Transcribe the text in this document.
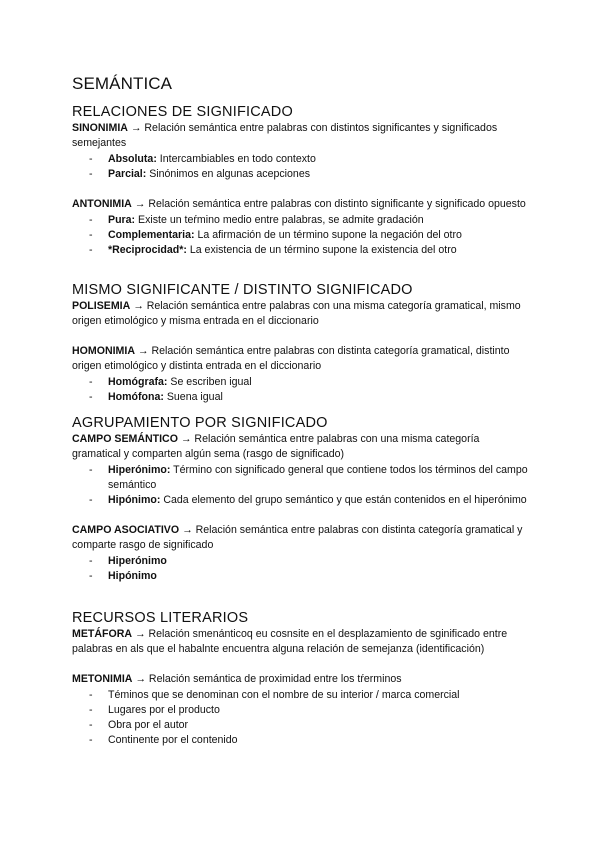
SEMÁNTICA
RELACIONES DE SIGNIFICADO

SINONIMIA → Relación semántica entre palabras con distintos significantes y significados semejantes

- Absoluta: Intercambiables en todo contexto
- Parcial: Sinónimos en algunas acepciones

ANTONIMIA → Relación semántica entre palabras con distinto significante y significado opuesto

- Pura: Existe un teŕmino medio entre palabras, se admite gradación
- Complementaria: La afirmación de un término supone la negación del otro
- *Reciprocidad*: La existencia de un término supone la existencia del otro
MISMO SIGNIFICANTE / DISTINTO SIGNIFICADO

POLISEMIA → Relación semántica entre palabras con una misma categoría gramatical, mismo origen etimológico y misma entrada en el diccionario

HOMONIMIA → Relación semántica entre palabras con distinta categoría gramatical, distinto origen etimológico y distinta entrada en el diccionario

- Homógrafa: Se escriben igual
- Homófona: Suena igual
AGRUPAMIENTO POR SIGNIFICADO

CAMPO SEMÁNTICO → Relación semántica entre palabras con una misma categoría gramatical y comparten algún sema (rasgo de significado)

- Hiperónimo: Término con significado general que contiene todos los términos del campo semántico
- Hipónimo: Cada elemento del grupo semántico y que están contenidos en el hiperónimo

CAMPO ASOCIATIVO → Relación semántica entre palabras con distinta categoría gramatical y comparte rasgo de significado

- Hiperónimo
- Hipónimo
RECURSOS LITERARIOS

METÁFORA → Relación smenánticoq eu cosnsite en el desplazamiento de sginificado entre palabras en als que el habalnte encuentra alguna relación de semejanza (identificación)

METONIMIA → Relación semántica de proximidad entre los tŕerminos

- Téminos que se denominan con el nombre de su interior / marca comercial
- Lugares por el producto
- Obra por el autor
- Continente por el contenido
